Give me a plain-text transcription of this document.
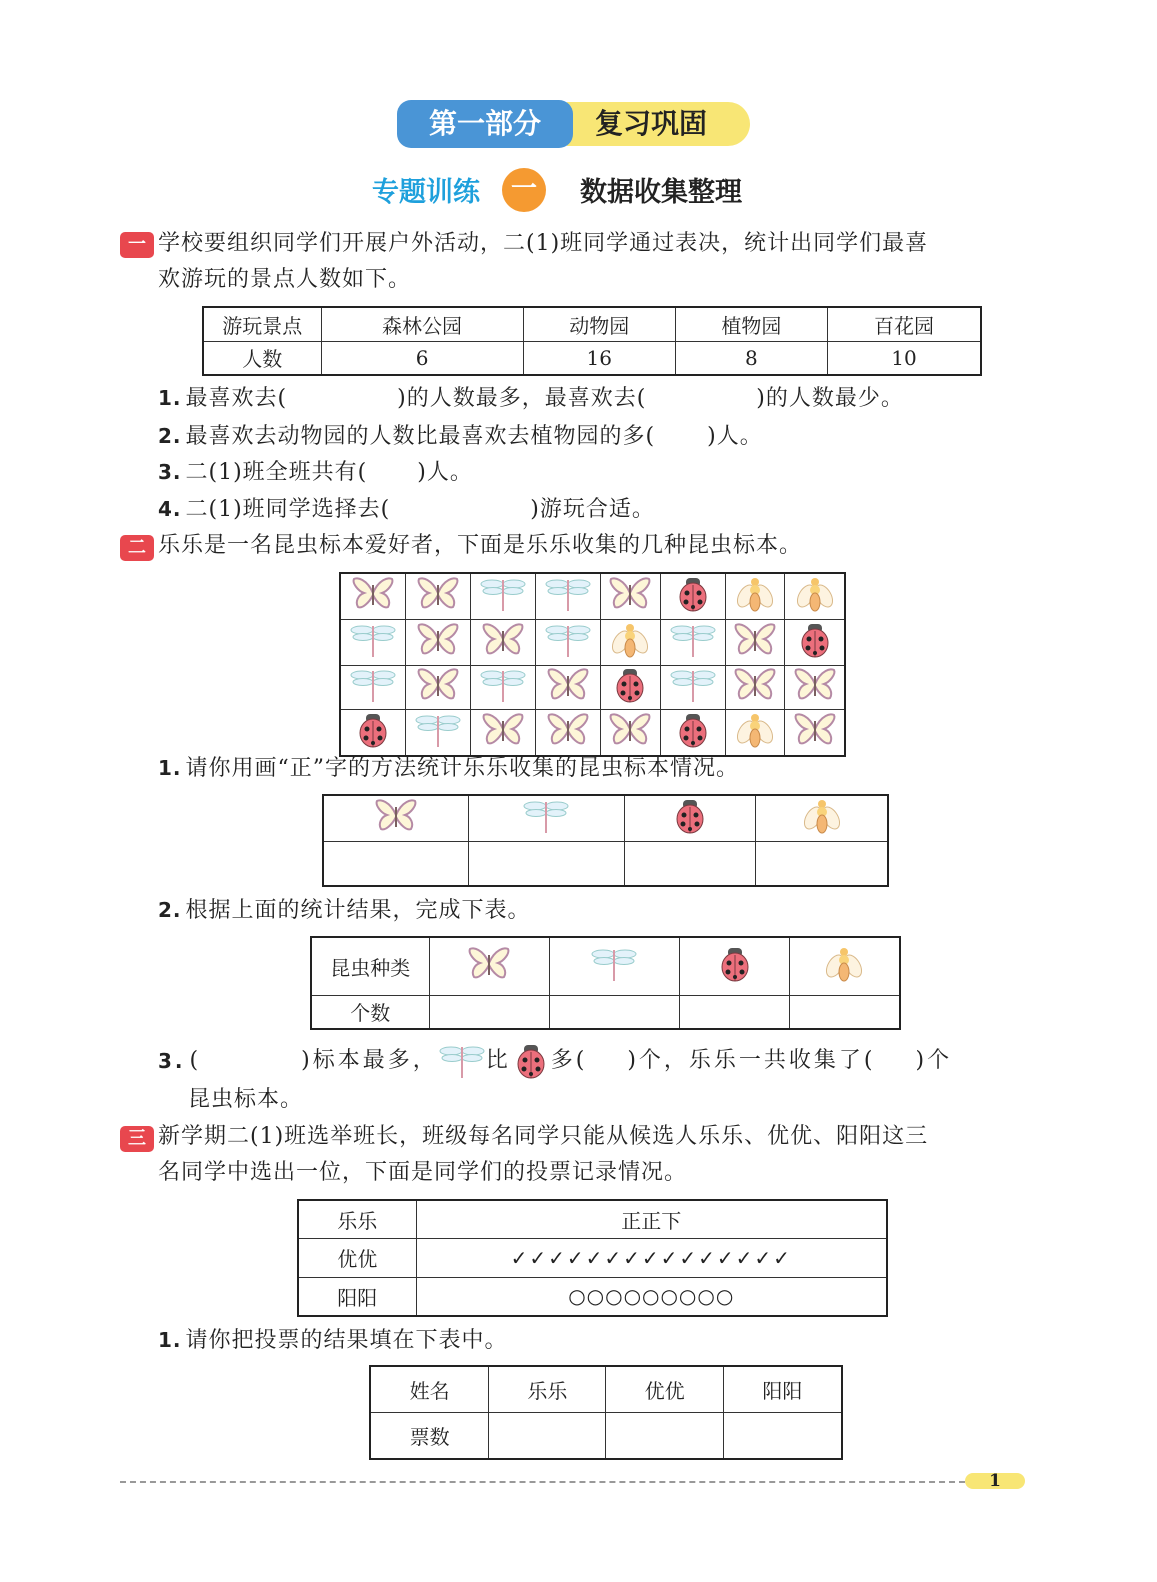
第一部分	复习巩固
专题训练	一	数据收集整理
一 学校要组织同学们开展户外活动，二(1)班同学通过表决，统计出同学们最喜
欢游玩的景点人数如下。
游玩景点	森林公园	动物园	植物园	百花园
人数	6	16	8	10
1. 最喜欢去(	)的人数最多，最喜欢去(	)的人数最少。
2. 最喜欢去动物园的人数比最喜欢去植物园的多( )人。
3. 二(1)班全班共有( )人。
4. 二(1)班同学选择去(	)游玩合适。
二 乐乐是一名昆虫标本爱好者，下面是乐乐收集的几种昆虫标本。

1. 请你用画“正”字的方法统计乐乐收集的昆虫标本情况。

2. 根据上面的统计结果，完成下表。
昆虫种类	

个数				
3. (	)标本最多， 比 多( )个，乐乐一共收集了( )个
昆虫标本。
三 新学期二(1)班选举班长，班级每名同学只能从候选人乐乐、优优、阳阳这三
名同学中选出一位，下面是同学们的投票记录情况。
乐乐	正正下
优优	✓✓✓✓✓✓✓✓✓✓✓✓✓✓✓
阳阳	○○○○○○○○○
1. 请你把投票的结果填在下表中。
姓名	乐乐	优优	阳阳
票数			
1
